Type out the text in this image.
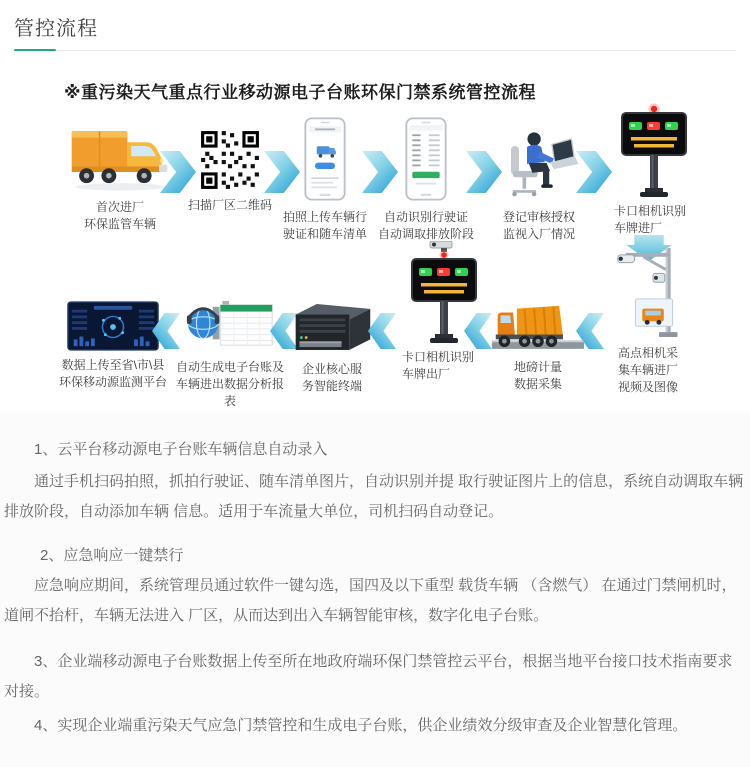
管控流程
※重污染天气重点行业移动源电子台账环保门禁系统管控流程
首次进厂
环保监管车辆
扫描厂区二维码
拍照上传车辆行
驶证和随车清单
自动识别行驶证
自动调取排放阶段
登记审核授权
监视入厂情况
卡口相机识别
车牌进厂
数据上传至省\市\县
环保移动源监测平台
自动生成电子台账及
车辆进出数据分析报表
企业核心服
务智能终端
卡口相机识别
车牌出厂	地磅计量
数据采集
高点相机采
集车辆进厂
视频及图像

1、云平台移动源电子台账车辆信息自动录入

通过手机扫码拍照，抓拍行驶证、随车清单图片，自动识别并提 取行驶证图片上的信息，系统自动调取车辆排放阶段，自动添加车辆 信息。适用于车流量大单位，司机扫码自动登记。

2、应急响应一键禁行

应急响应期间，系统管理员通过软件一键勾选，国四及以下重型 载货车辆 （含燃气） 在通过门禁闸机时，道闸不抬杆，车辆无法进入 厂区，从而达到出入车辆智能审核，数字化电子台账。

3、企业端移动源电子台账数据上传至所在地政府端环保门禁管控云平台，根据当地平台接口技术指南要求对接。

4、实现企业端重污染天气应急门禁管控和生成电子台账，供企业绩效分级审查及企业智慧化管理。
